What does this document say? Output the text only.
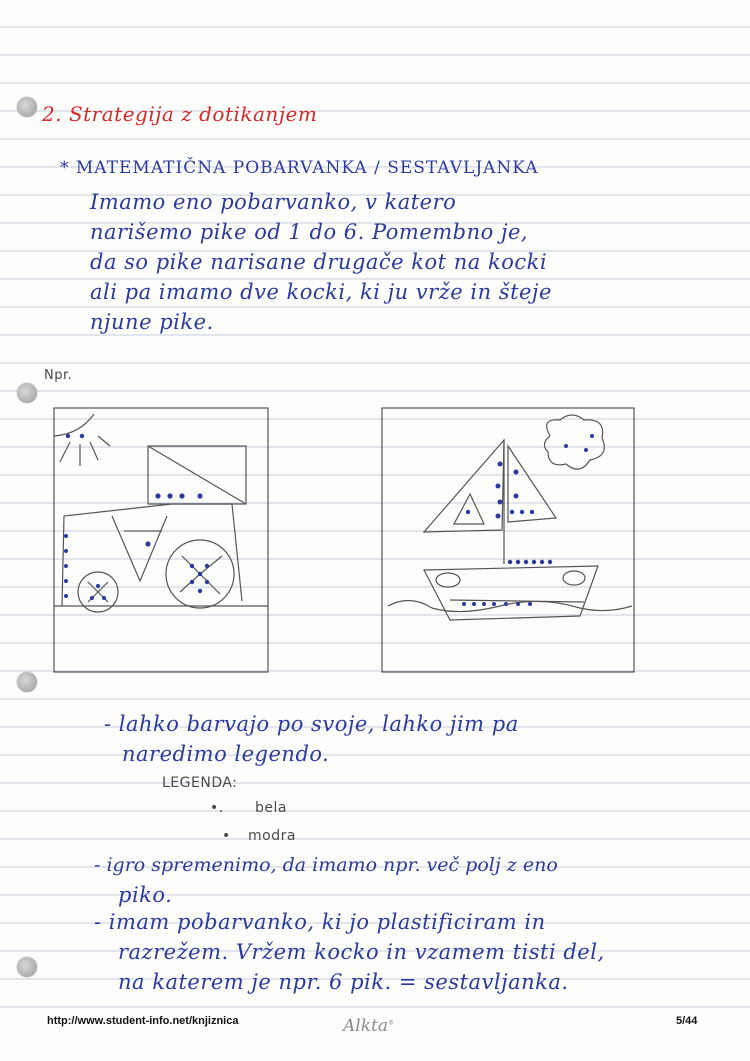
2. Strategija z dotikanjem
* MATEMATIČNA POBARVANKA / SESTAVLJANKA
Imamo eno pobarvanko, v katero
narišemo pike od 1 do 6. Pomembno je,
da so pike narisane drugače kot na kocki
ali pa imamo dve kocki, ki ju vrže in šteje
njune pike.
Npr.
- lahko barvajo po svoje, lahko jim pa
naredimo legendo.
LEGENDA:
•. bela
• modra
- igro spremenimo, da imamo npr. več polj z eno
piko.
- imam pobarvanko, ki jo plastificiram in
razrežem. Vržem kocko in vzamem tisti del,
na katerem je npr. 6 pik. = sestavljanka.
http://www.student-info.net/knjiznica	Alkta®	5/44
